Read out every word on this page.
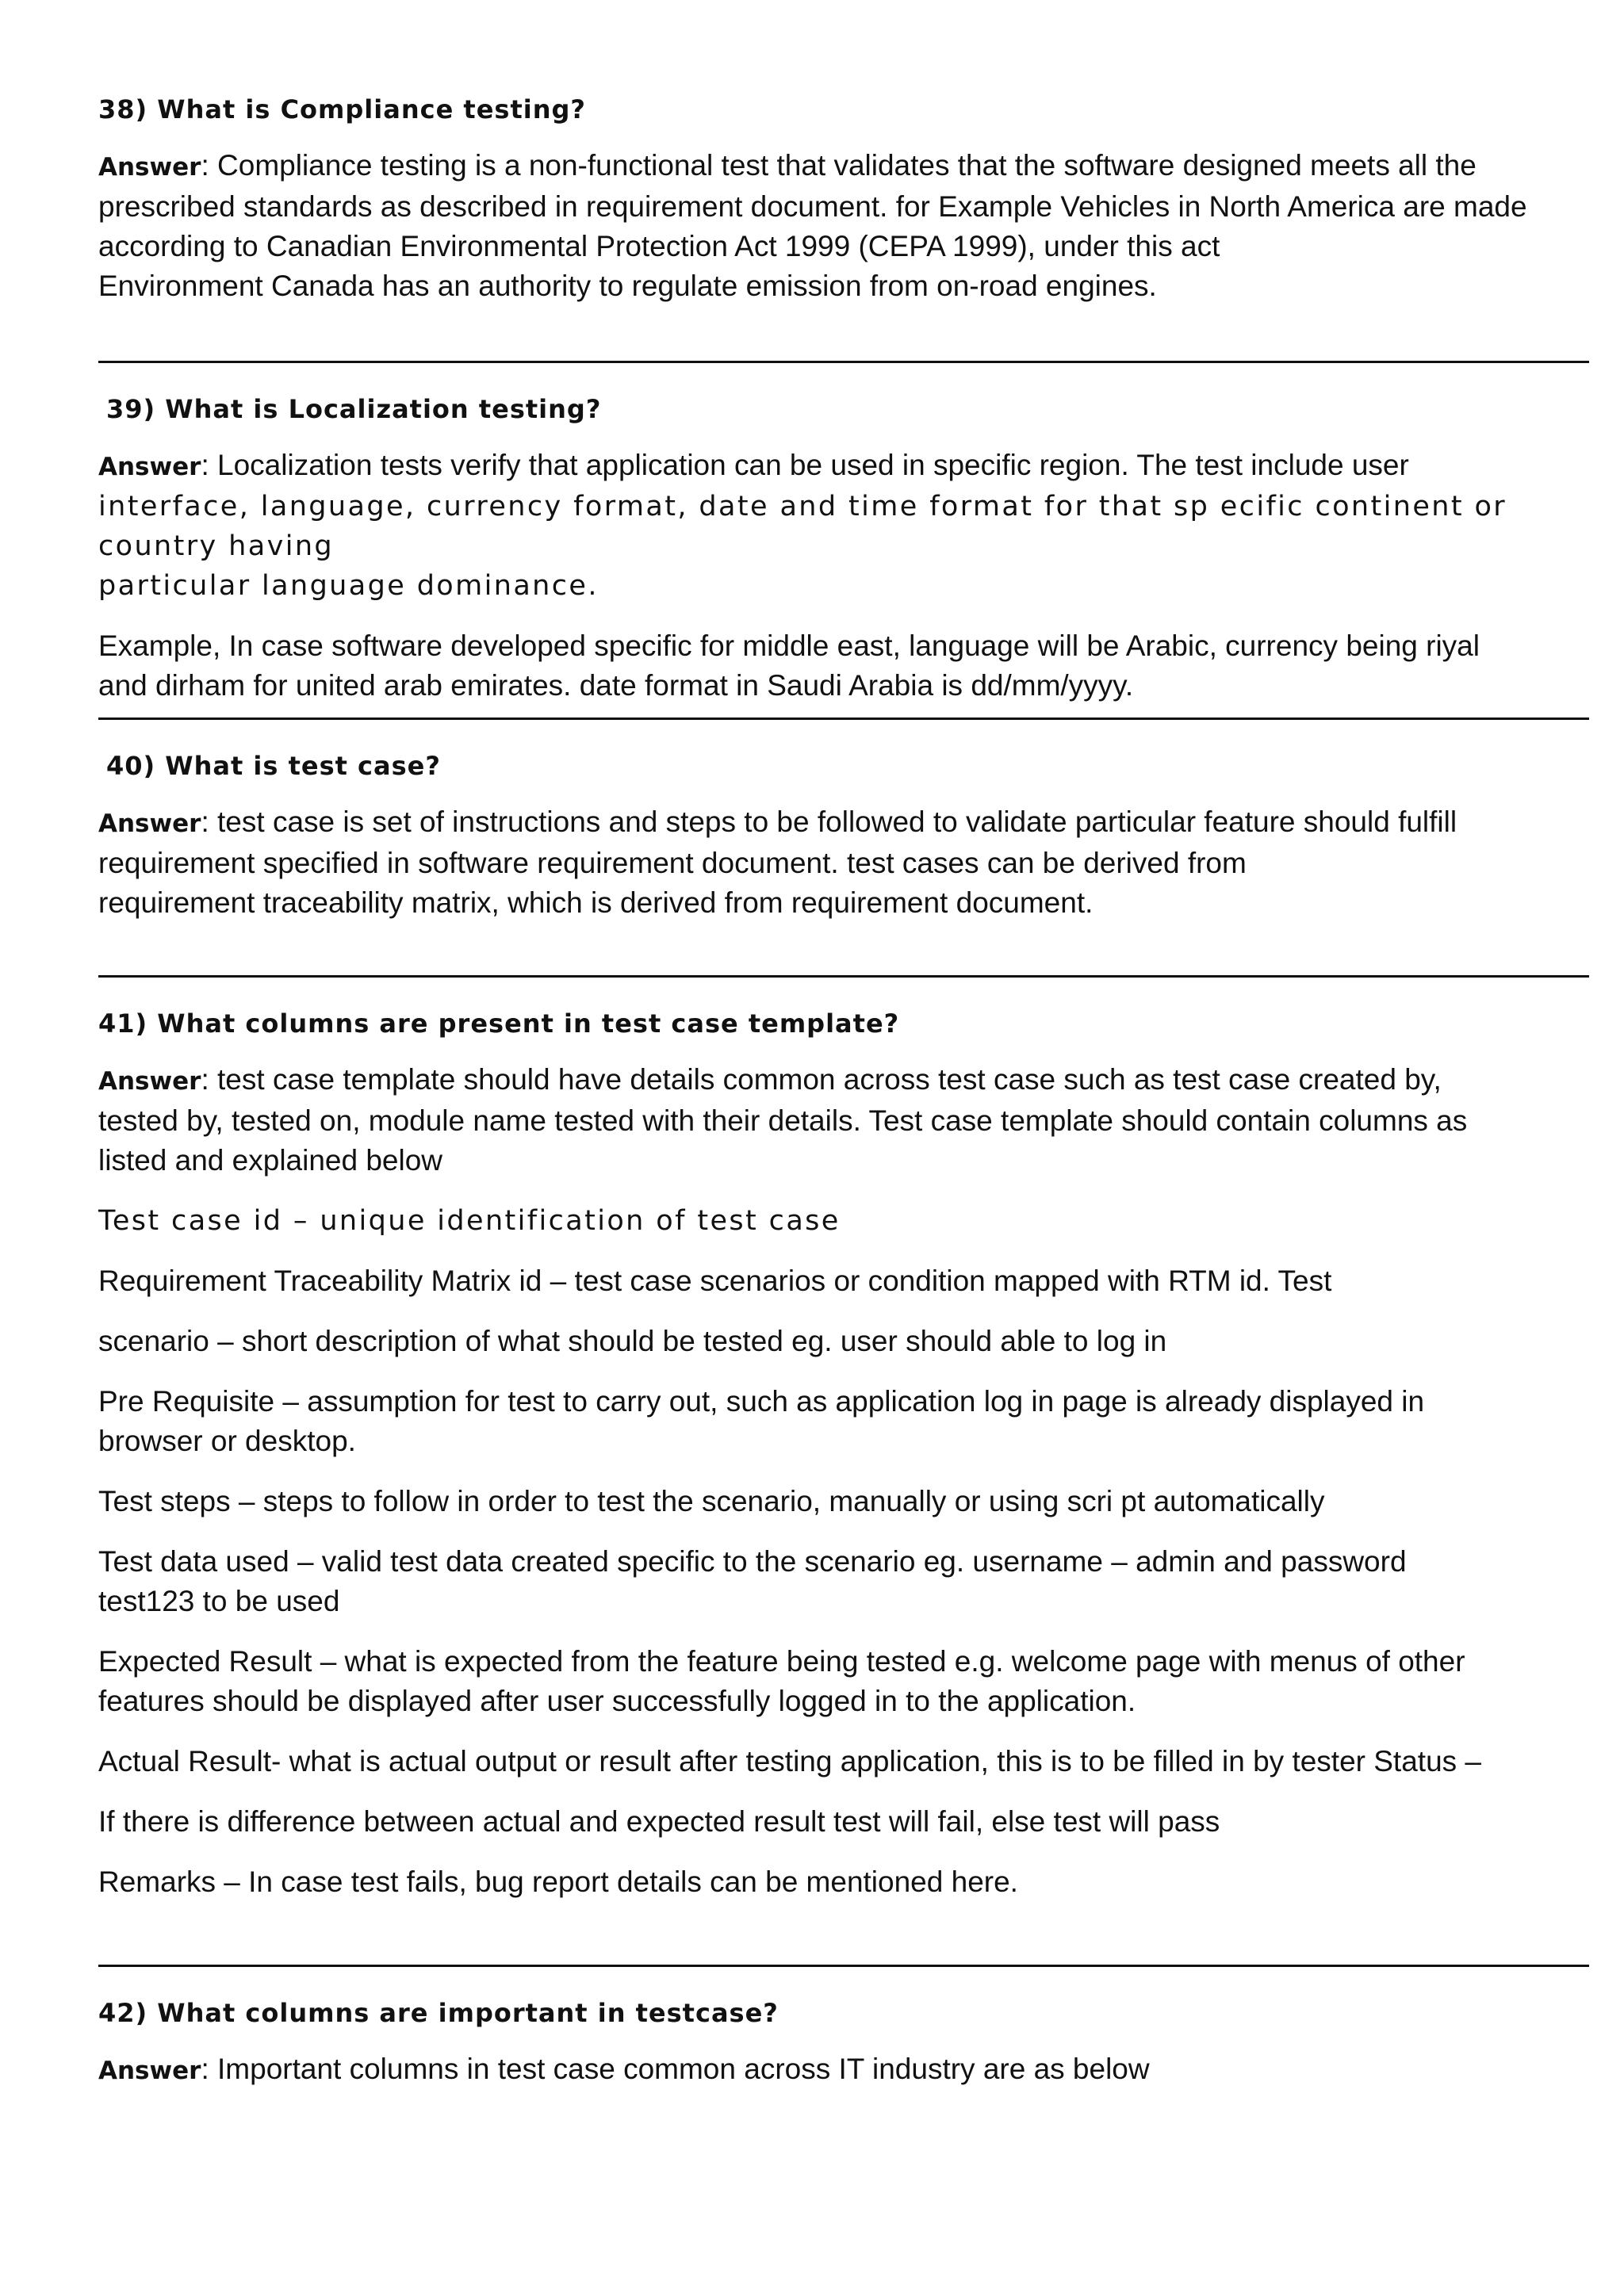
38) What is Compliance testing?
Answer: Compliance testing is a non-functional test that validates that the software designed meets all the
prescribed standards as described in requirement document. for Example Vehicles in North America are made
according to Canadian Environmental Protection Act 1999 (CEPA 1999), under this act
Environment Canada has an authority to regulate emission from on-road engines.
39) What is Localization testing?
Answer: Localization tests verify that application can be used in specific region. The test include user
interface, language, currency format, date and time format for that sp ecific continent or country having
particular language dominance.
Example, In case software developed specific for middle east, language will be Arabic, currency being riyal
and dirham for united arab emirates. date format in Saudi Arabia is dd/mm/yyyy.
40) What is test case?
Answer: test case is set of instructions and steps to be followed to validate particular feature should fulfill
requirement specified in software requirement document. test cases can be derived from
requirement traceability matrix, which is derived from requirement document.
41) What columns are present in test case template?
Answer: test case template should have details common across test case such as test case created by,
tested by, tested on, module name tested with their details. Test case template should contain columns as
listed and explained below
Test case id – unique identification of test case
Requirement Traceability Matrix id – test case scenarios or condition mapped with RTM id. Test
scenario – short description of what should be tested eg. user should able to log in
Pre Requisite – assumption for test to carry out, such as application log in page is already displayed in
browser or desktop.
Test steps – steps to follow in order to test the scenario, manually or using scri pt automatically
Test data used – valid test data created specific to the scenario eg. username – admin and password
test123 to be used
Expected Result – what is expected from the feature being tested e.g. welcome page with menus of other
features should be displayed after user successfully logged in to the application.
Actual Result- what is actual output or result after testing application, this is to be filled in by tester Status –
If there is difference between actual and expected result test will fail, else test will pass
Remarks – In case test fails, bug report details can be mentioned here.
42) What columns are important in testcase?
Answer: Important columns in test case common across IT industry are as below
